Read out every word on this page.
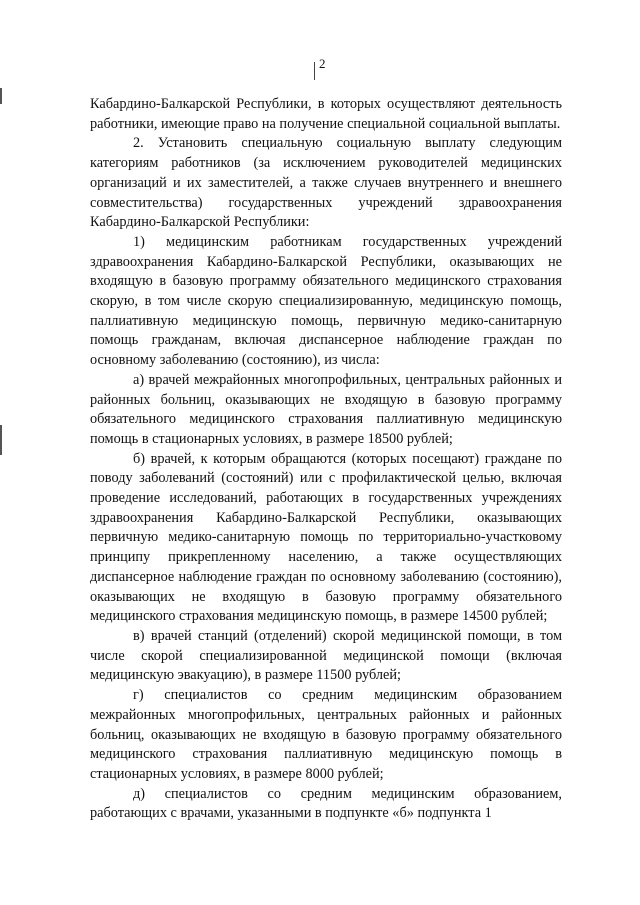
2

Кабардино-Балкарской Республики, в которых осуществляют деятельность работники, имеющие право на получение специальной социальной выплаты.

2. Установить специальную социальную выплату следующим категориям работников (за исключением руководителей медицинских организаций и их заместителей, а также случаев внутреннего и внешнего совместительства) государственных учреждений здравоохранения Кабардино-Балкарской Республики:

1) медицинским работникам государственных учреждений здравоохранения Кабардино-Балкарской Республики, оказывающих не входящую в базовую программу обязательного медицинского страхования скорую, в том числе скорую специализированную, медицинскую помощь, паллиативную медицинскую помощь, первичную медико-санитарную помощь гражданам, включая диспансерное наблюдение граждан по основному заболеванию (состоянию), из числа:

а) врачей межрайонных многопрофильных, центральных районных и районных больниц, оказывающих не входящую в базовую программу обязательного медицинского страхования паллиативную медицинскую помощь в стационарных условиях, в размере 18500 рублей;

б) врачей, к которым обращаются (которых посещают) граждане по поводу заболеваний (состояний) или с профилактической целью, включая проведение исследований, работающих в государственных учреждениях здравоохранения Кабардино-Балкарской Республики, оказывающих первичную медико-санитарную помощь по территориально-участковому принципу прикрепленному населению, а также осуществляющих диспансерное наблюдение граждан по основному заболеванию (состоянию), оказывающих не входящую в базовую программу обязательного медицинского страхования медицинскую помощь, в размере 14500 рублей;

в) врачей станций (отделений) скорой медицинской помощи, в том числе скорой специализированной медицинской помощи (включая медицинскую эвакуацию), в размере 11500 рублей;

г) специалистов со средним медицинским образованием межрайонных многопрофильных, центральных районных и районных больниц, оказывающих не входящую в базовую программу обязательного медицинского страхования паллиативную медицинскую помощь в стационарных условиях, в размере 8000 рублей;

д) специалистов со средним медицинским образованием, работающих с врачами, указанными в подпункте «б» подпункта 1
